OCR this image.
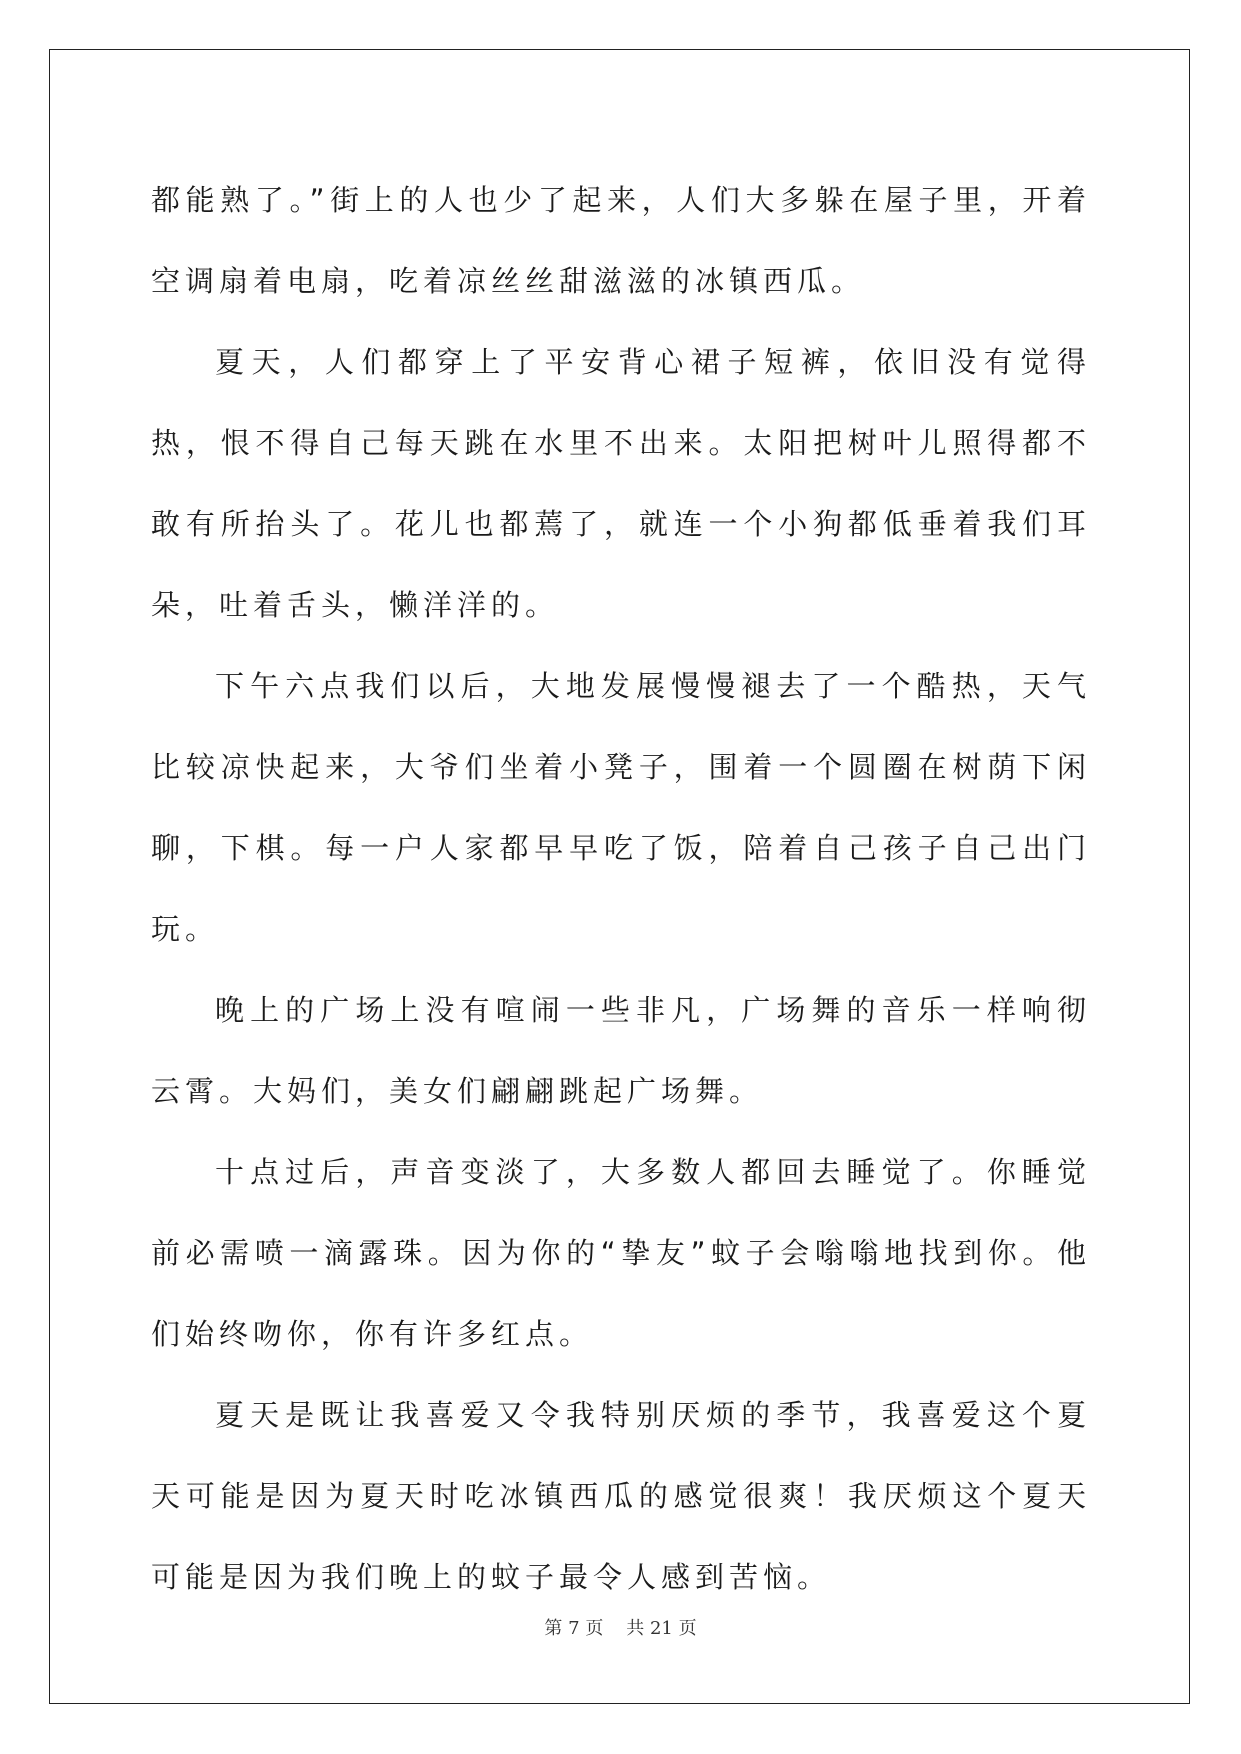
都能熟了。”街上的人也少了起来，人们大多躲在屋子里，开着空调扇着电扇，吃着凉丝丝甜滋滋的冰镇西瓜。

夏天，人们都穿上了平安背心裙子短裤，依旧没有觉得热，恨不得自己每天跳在水里不出来。太阳把树叶儿照得都不敢有所抬头了。花儿也都蔫了，就连一个小狗都低垂着我们耳朵，吐着舌头，懒洋洋的。

下午六点我们以后，大地发展慢慢褪去了一个酷热，天气比较凉快起来，大爷们坐着小凳子，围着一个圆圈在树荫下闲聊，下棋。每一户人家都早早吃了饭，陪着自己孩子自己出门玩。

晚上的广场上没有喧闹一些非凡，广场舞的音乐一样响彻云霄。大妈们，美女们翩翩跳起广场舞。

十点过后，声音变淡了，大多数人都回去睡觉了。你睡觉前必需喷一滴露珠。因为你的“挚友”蚊子会嗡嗡地找到你。他们始终吻你，你有许多红点。

夏天是既让我喜爱又令我特别厌烦的季节，我喜爱这个夏天可能是因为夏天时吃冰镇西瓜的感觉很爽！我厌烦这个夏天可能是因为我们晚上的蚊子最令人感到苦恼。

第 7 页 共 21 页
